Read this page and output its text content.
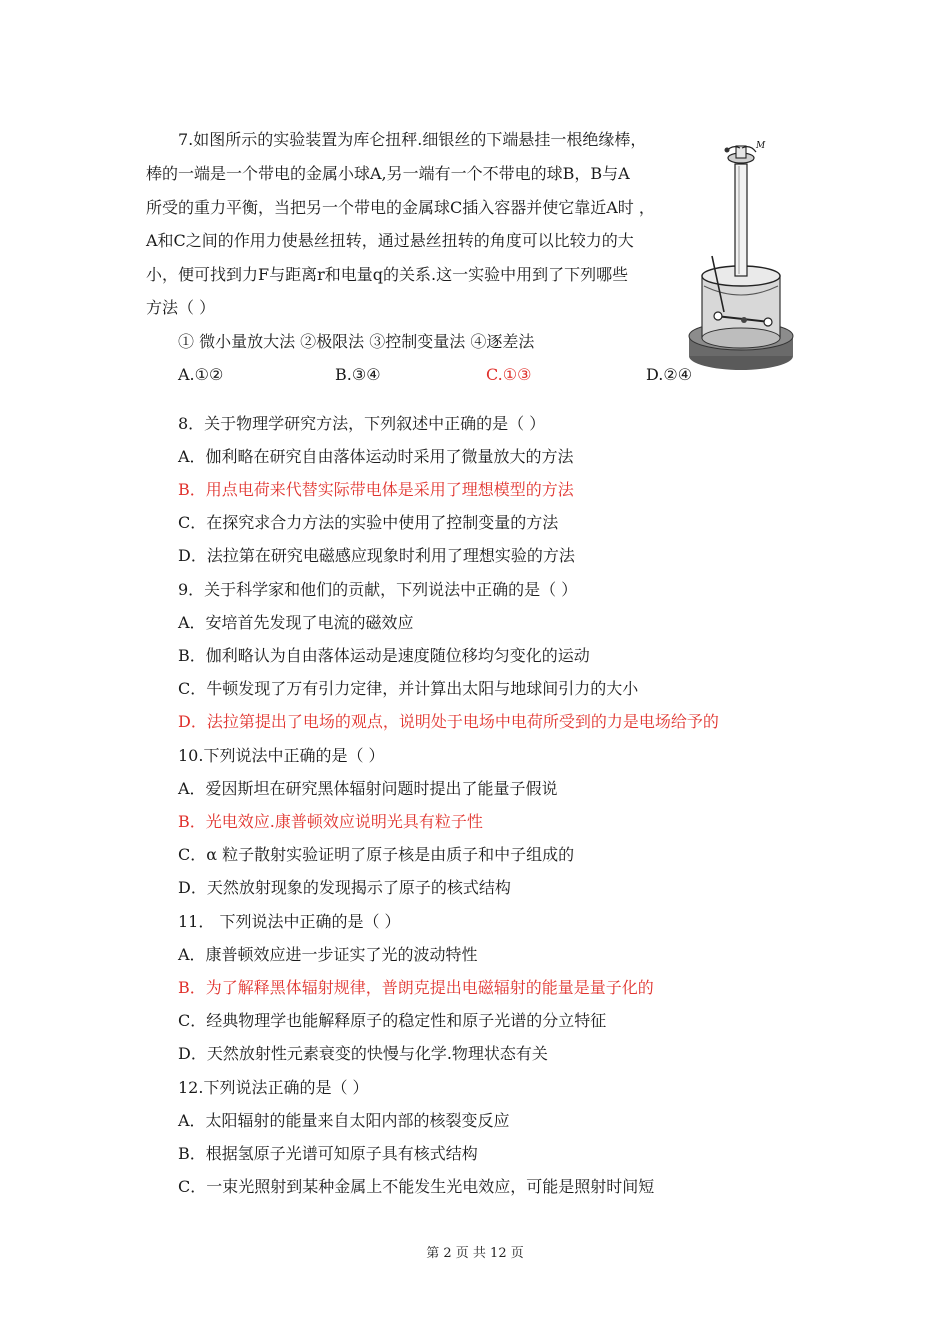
7.如图所示的实验装置为库仑扭秤.细银丝的下端悬挂一根绝缘棒，
棒的一端是一个带电的金属小球A,另一端有一个不带电的球B，B与A
所受的重力平衡，当把另一个带电的金属球C插入容器并使它靠近A时 ，
A和C之间的作用力使悬丝扭转，通过悬丝扭转的角度可以比较力的大
小，便可找到力F与距离r和电量q的关系.这一实验中用到了下列哪些
方法（ ）
① 微小量放大法 ②极限法 ③控制变量法 ④逐差法
A.①②	B.③④	C.①③	D.②④
M
8．关于物理学研究方法，下列叙述中正确的是（ ）
A．伽利略在研究自由落体运动时采用了微量放大的方法
B．用点电荷来代替实际带电体是采用了理想模型的方法
C．在探究求合力方法的实验中使用了控制变量的方法
D．法拉第在研究电磁感应现象时利用了理想实验的方法
9．关于科学家和他们的贡献，下列说法中正确的是（ ）
A．安培首先发现了电流的磁效应
B．伽利略认为自由落体运动是速度随位移均匀变化的运动
C．牛顿发现了万有引力定律，并计算出太阳与地球间引力的大小
D．法拉第提出了电场的观点，说明处于电场中电荷所受到的力是电场给予的
10.下列说法中正确的是（ ）
A．爱因斯坦在研究黑体辐射问题时提出了能量子假说
B．光电效应.康普顿效应说明光具有粒子性
C．α 粒子散射实验证明了原子核是由质子和中子组成的
D．天然放射现象的发现揭示了原子的核式结构
11． 下列说法中正确的是（ ）
A．康普顿效应进一步证实了光的波动特性
B．为了解释黑体辐射规律，普朗克提出电磁辐射的能量是量子化的
C．经典物理学也能解释原子的稳定性和原子光谱的分立特征
D．天然放射性元素衰变的快慢与化学.物理状态有关
12.下列说法正确的是（ ）
A．太阳辐射的能量来自太阳内部的核裂变反应
B．根据氢原子光谱可知原子具有核式结构
C．一束光照射到某种金属上不能发生光电效应，可能是照射时间短
第 2 页 共 12 页
